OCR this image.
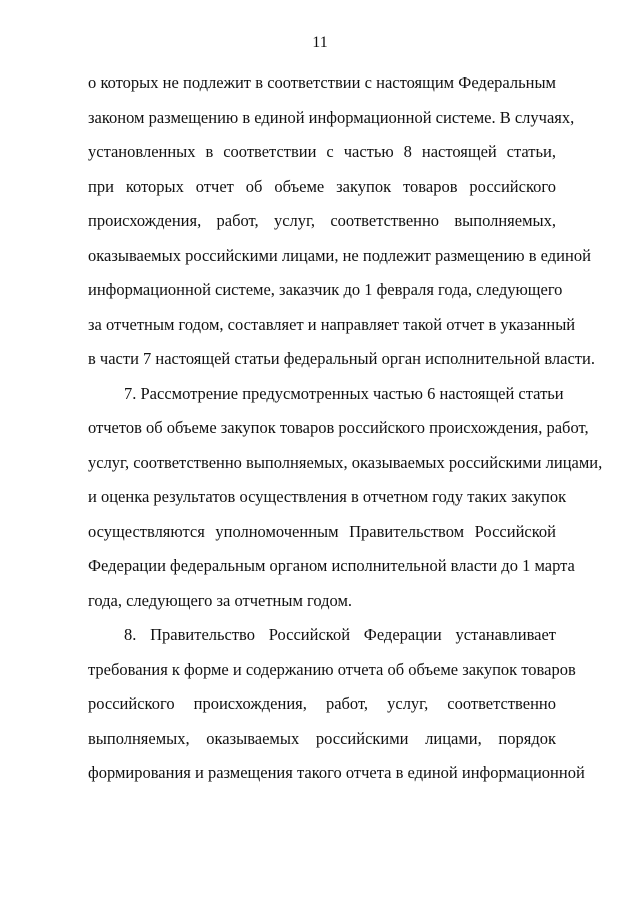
11
о которых не подлежит в соответствии с настоящим Федеральным
законом размещению в единой информационной системе. В случаях,
установленных в соответствии с частью 8 настоящей статьи,
при которых отчет об объеме закупок товаров российского
происхождения, работ, услуг, соответственно выполняемых,
оказываемых российскими лицами, не подлежит размещению в единой
информационной системе, заказчик до 1 февраля года, следующего
за отчетным годом, составляет и направляет такой отчет в указанный
в части 7 настоящей статьи федеральный орган исполнительной власти.
7. Рассмотрение предусмотренных частью 6 настоящей статьи
отчетов об объеме закупок товаров российского происхождения, работ,
услуг, соответственно выполняемых, оказываемых российскими лицами,
и оценка результатов осуществления в отчетном году таких закупок
осуществляются уполномоченным Правительством Российской
Федерации федеральным органом исполнительной власти до 1 марта
года, следующего за отчетным годом.
8. Правительство Российской Федерации устанавливает
требования к форме и содержанию отчета об объеме закупок товаров
российского происхождения, работ, услуг, соответственно
выполняемых, оказываемых российскими лицами, порядок
формирования и размещения такого отчета в единой информационной
